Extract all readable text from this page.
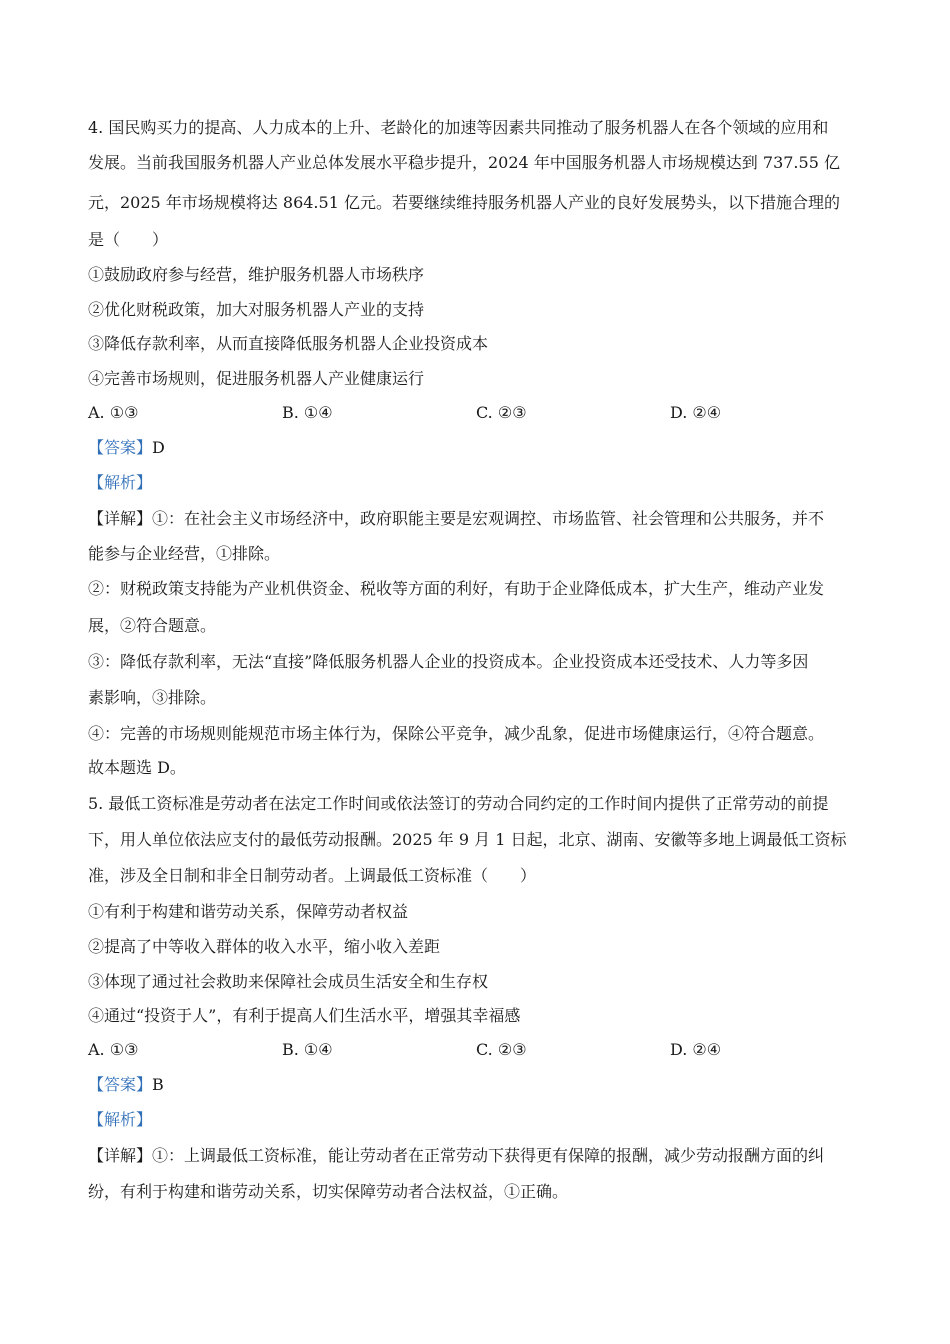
4. 国民购买力的提高、人力成本的上升、老龄化的加速等因素共同推动了服务机器人在各个领域的应用和
发展。当前我国服务机器人产业总体发展水平稳步提升，2024 年中国服务机器人市场规模达到 737.55 亿
元，2025 年市场规模将达 864.51 亿元。若要继续维持服务机器人产业的良好发展势头，以下措施合理的
是（　　）
①鼓励政府参与经营，维护服务机器人市场秩序
②优化财税政策，加大对服务机器人产业的支持
③降低存款利率，从而直接降低服务机器人企业投资成本
④完善市场规则，促进服务机器人产业健康运行
A. ①③	B. ①④	C. ②③	D. ②④
【答案】D
【解析】
【详解】①：在社会主义市场经济中，政府职能主要是宏观调控、市场监管、社会管理和公共服务，并不
能参与企业经营，①排除。
②：财税政策支持能为产业机供资金、税收等方面的利好，有助于企业降低成本，扩大生产，维动产业发
展，②符合题意。
③：降低存款利率，无法“直接”降低服务机器人企业的投资成本。企业投资成本还受技术、人力等多因
素影响，③排除。
④：完善的市场规则能规范市场主体行为，保除公平竞争，减少乱象，促进市场健康运行，④符合题意。
故本题选 D。
5. 最低工资标准是劳动者在法定工作时间或依法签订的劳动合同约定的工作时间内提供了正常劳动的前提
下，用人单位依法应支付的最低劳动报酬。2025 年 9 月 1 日起，北京、湖南、安徽等多地上调最低工资标
准，涉及全日制和非全日制劳动者。上调最低工资标准（　　）
①有利于构建和谐劳动关系，保障劳动者权益
②提高了中等收入群体的收入水平，缩小收入差距
③体现了通过社会救助来保障社会成员生活安全和生存权
④通过“投资于人”，有利于提高人们生活水平，增强其幸福感
A. ①③	B. ①④	C. ②③	D. ②④
【答案】B
【解析】
【详解】①：上调最低工资标准，能让劳动者在正常劳动下获得更有保障的报酬，减少劳动报酬方面的纠
纷，有利于构建和谐劳动关系，切实保障劳动者合法权益，①正确。
